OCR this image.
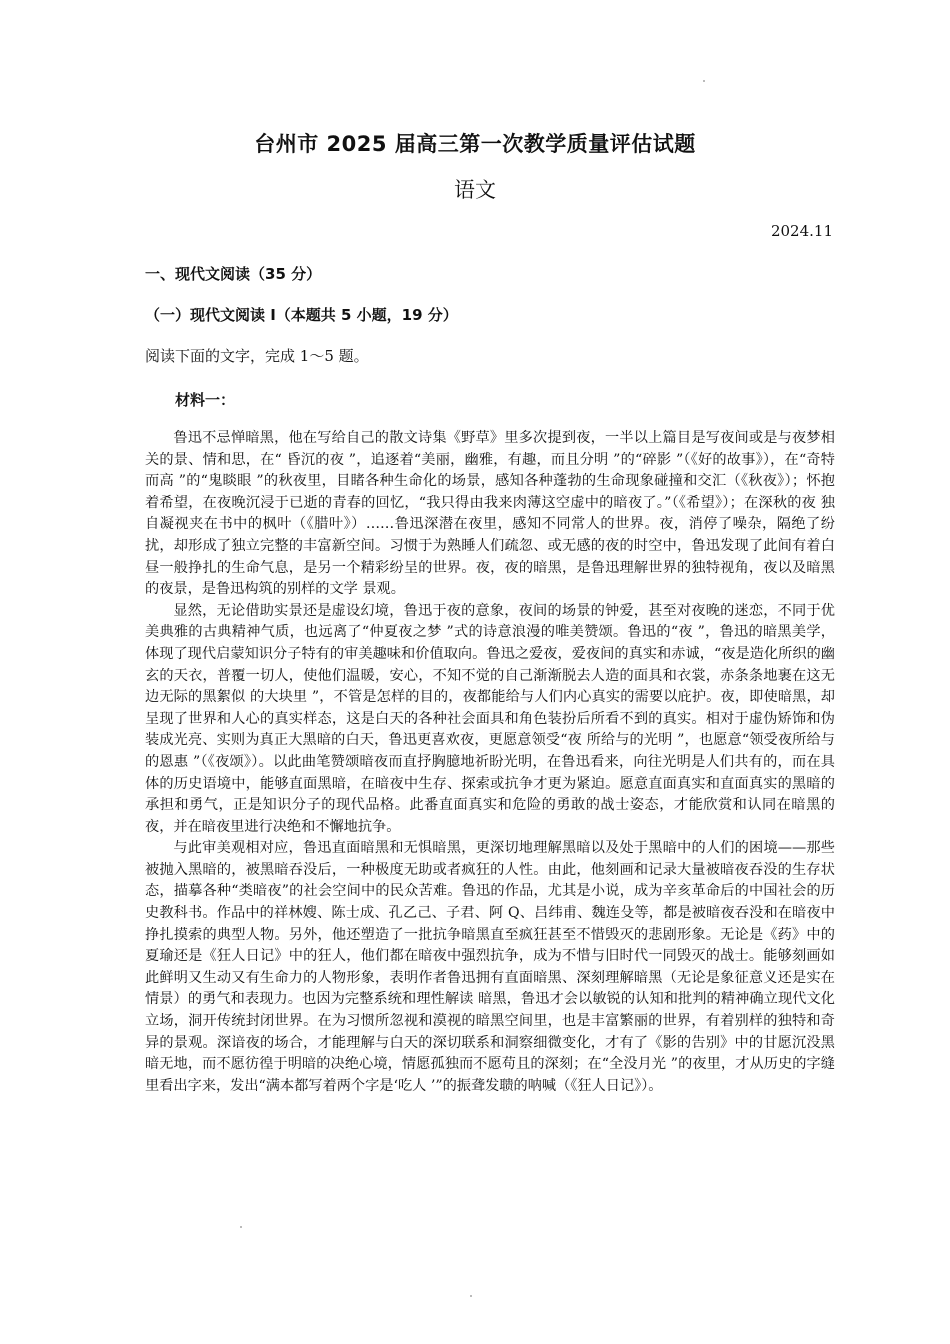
台州市 2025 届高三第一次教学质量评估试题
语文
2024.11
一、现代文阅读（35 分）
（一）现代文阅读 Ⅰ（本题共 5 小题，19 分）
阅读下面的文字，完成 1～5 题。
材料一：

鲁迅不忌惮暗黑，他在写给自己的散文诗集《野草》里多次提到夜，一半以上篇目是写夜间或是与夜梦相关的景、情和思，在“ 昏沉的夜 ”，追逐着“美丽，幽雅，有趣，而且分明 ”的“碎影 ”（《好的故事》），在“奇特而高 ”的“鬼睒眼 ”的秋夜里，目睹各种生命化的场景，感知各种蓬勃的生命现象碰撞和交汇（《秋夜》）；怀抱着希望，在夜晚沉浸于已逝的青春的回忆，“我只得由我来肉薄这空虚中的暗夜了。”（《希望》）；在深秋的夜 独自凝视夹在书中的枫叶（《腊叶》）……鲁迅深潜在夜里，感知不同常人的世界。夜，消停了噪杂，隔绝了纷扰，却形成了独立完整的丰富新空间。习惯于为熟睡人们疏忽、或无感的夜的时空中，鲁迅发现了此间有着白昼一般挣扎的生命气息，是另一个精彩纷呈的世界。夜，夜的暗黑，是鲁迅理解世界的独特视角，夜以及暗黑的夜景，是鲁迅构筑的别样的文学 景观。

显然，无论借助实景还是虚设幻境，鲁迅于夜的意象，夜间的场景的钟爱，甚至对夜晚的迷恋，不同于优美典雅的古典精神气质，也远离了“仲夏夜之梦 ”式的诗意浪漫的唯美赞颂。鲁迅的“夜 ”，鲁迅的暗黑美学，体现了现代启蒙知识分子特有的审美趣味和价值取向。鲁迅之爱夜，爱夜间的真实和赤诚，“夜是造化所织的幽玄的天衣，普覆一切人，使他们温暖，安心，不知不觉的自己渐渐脱去人造的面具和衣裳，赤条条地裹在这无边无际的黑絮似 的大块里 ”，不管是怎样的目的，夜都能给与人们内心真实的需要以庇护。夜，即使暗黑，却呈现了世界和人心的真实样态，这是白天的各种社会面具和角色装扮后所看不到的真实。相对于虚伪矫饰和伪装成光亮、实则为真正大黑暗的白天，鲁迅更喜欢夜，更愿意领受“夜 所给与的光明 ”，也愿意“领受夜所给与的恩惠 ”（《夜颂》）。以此曲笔赞颂暗夜而直抒胸臆地祈盼光明，在鲁迅看来，向往光明是人们共有的，而在具体的历史语境中，能够直面黑暗，在暗夜中生存、探索或抗争才更为紧迫。愿意直面真实和直面真实的黑暗的承担和勇气，正是知识分子的现代品格。此番直面真实和危险的勇敢的战士姿态，才能欣赏和认同在暗黑的夜，并在暗夜里进行决绝和不懈地抗争。

与此审美观相对应，鲁迅直面暗黑和无惧暗黑，更深切地理解黑暗以及处于黑暗中的人们的困境——那些被抛入黑暗的，被黑暗吞没后，一种极度无助或者疯狂的人性。由此，他刻画和记录大量被暗夜吞没的生存状态，描摹各种“类暗夜”的社会空间中的民众苦难。鲁迅的作品，尤其是小说，成为辛亥革命后的中国社会的历史教科书。作品中的祥林嫂、陈士成、孔乙己、子君、阿 Q、吕纬甫、魏连殳等，都是被暗夜吞没和在暗夜中挣扎摸索的典型人物。另外，他还塑造了一批抗争暗黑直至疯狂甚至不惜毁灭的悲剧形象。无论是《药》中的夏瑜还是《狂人日记》中的狂人，他们都在暗夜中强烈抗争，成为不惜与旧时代一同毁灭的战士。能够刻画如此鲜明又生动又有生命力的人物形象，表明作者鲁迅拥有直面暗黑、深刻理解暗黑（无论是象征意义还是实在情景）的勇气和表现力。也因为完整系统和理性解读 暗黑，鲁迅才会以敏锐的认知和批判的精神确立现代文化立场，洞开传统封闭世界。在为习惯所忽视和漠视的暗黑空间里，也是丰富繁丽的世界，有着别样的独特和奇异的景观。深谙夜的场合，才能理解与白天的深切联系和洞察细微变化，才有了《影的告别》中的甘愿沉没黑暗无地，而不愿彷徨于明暗的决绝心境，情愿孤独而不愿苟且的深刻；在“全没月光 ”的夜里，才从历史的字缝里看出字来，发出“满本都写着两个字是‘吃人 ’”的振聋发聩的呐喊（《狂人日记》）。
